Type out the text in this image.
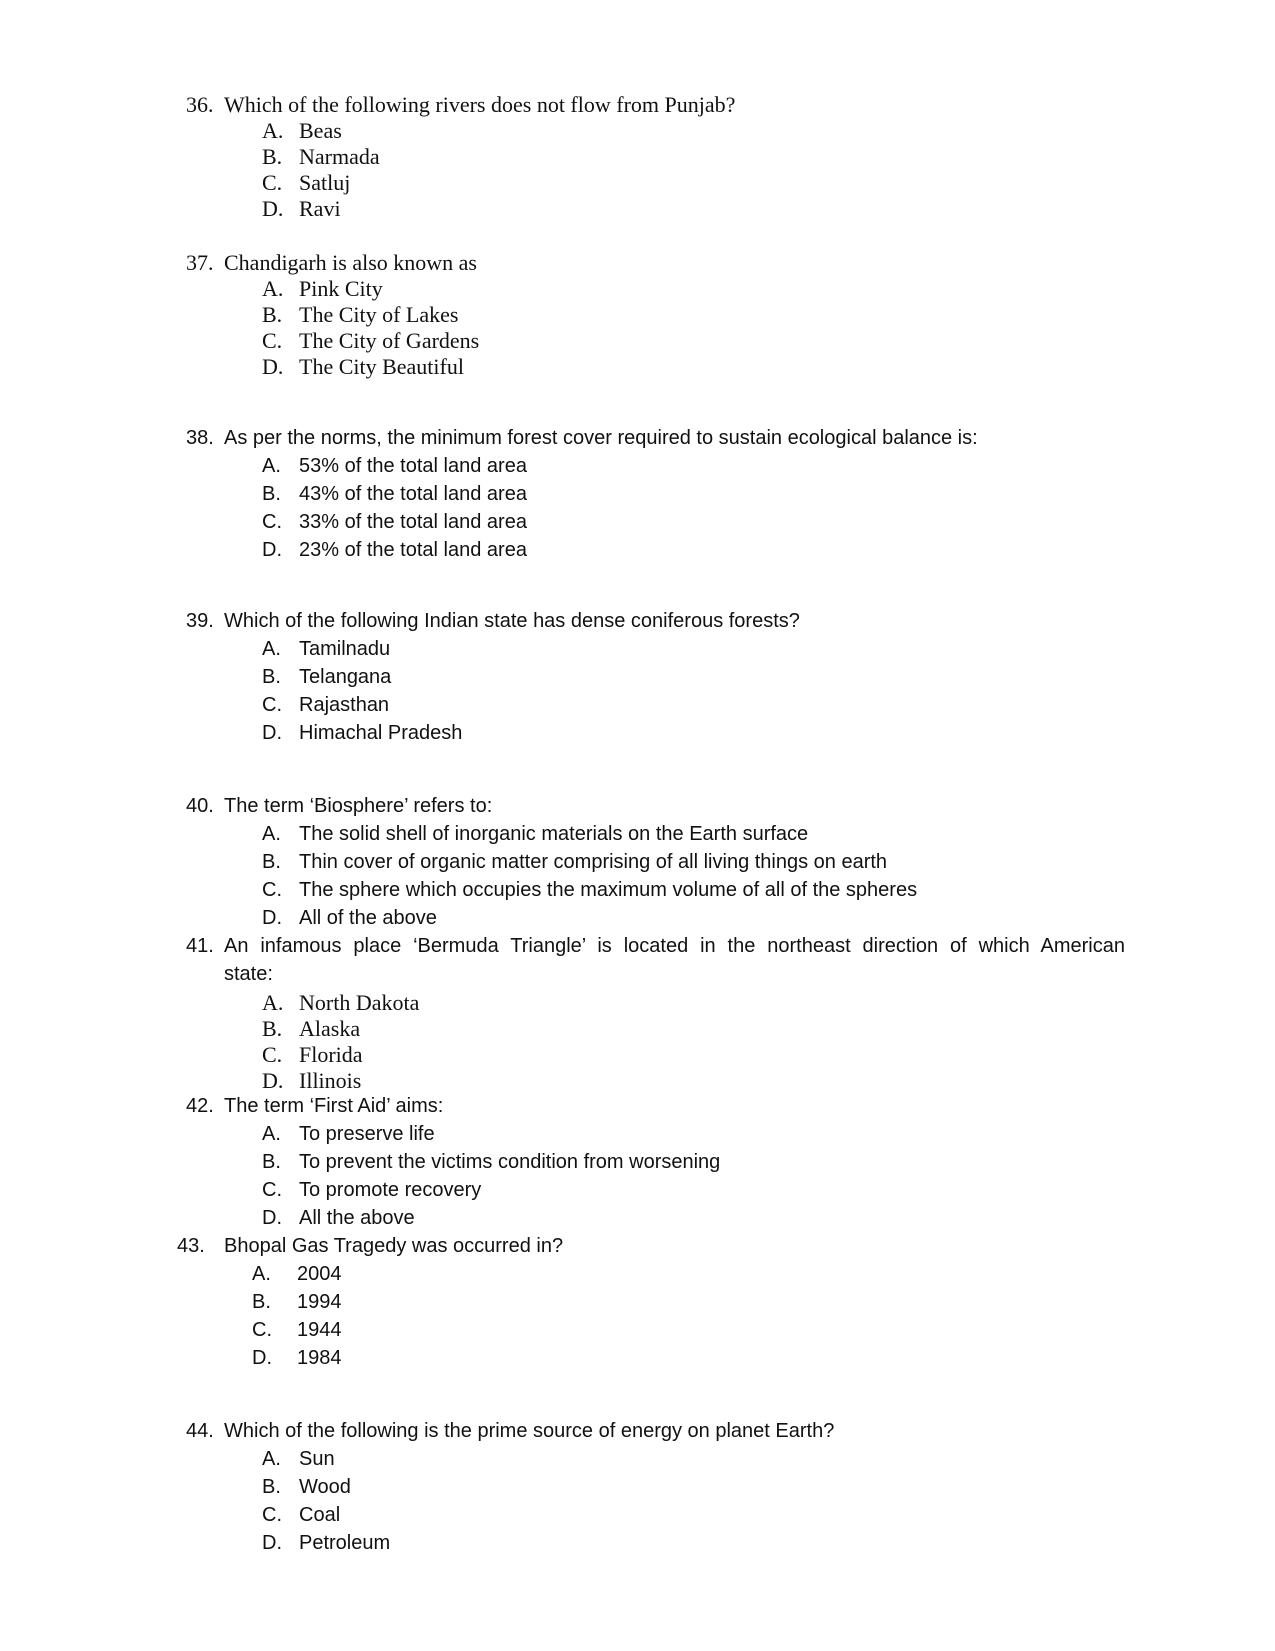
36. Which of the following rivers does not flow from Punjab?
A. Beas
B. Narmada
C. Satluj
D. Ravi
37. Chandigarh is also known as
A. Pink City
B. The City of Lakes
C. The City of Gardens
D. The City Beautiful
38. As per the norms, the minimum forest cover required to sustain ecological balance is:
A. 53% of the total land area
B. 43% of the total land area
C. 33% of the total land area
D. 23% of the total land area
39. Which of the following Indian state has dense coniferous forests?
A. Tamilnadu
B. Telangana
C. Rajasthan
D. Himachal Pradesh
40. The term ‘Biosphere’ refers to:
A. The solid shell of inorganic materials on the Earth surface
B. Thin cover of organic matter comprising of all living things on earth
C. The sphere which occupies the maximum volume of all of the spheres
D. All of the above
41. An infamous place ‘Bermuda Triangle’ is located in the northeast direction of which American
state:
A. North Dakota
B. Alaska
C. Florida
D. Illinois
42. The term ‘First Aid’ aims:
A. To preserve life
B. To prevent the victims condition from worsening
C. To promote recovery
D. All the above
43. Bhopal Gas Tragedy was occurred in?
A. 2004
B. 1994
C. 1944
D. 1984
44. Which of the following is the prime source of energy on planet Earth?
A. Sun
B. Wood
C. Coal
D. Petroleum
